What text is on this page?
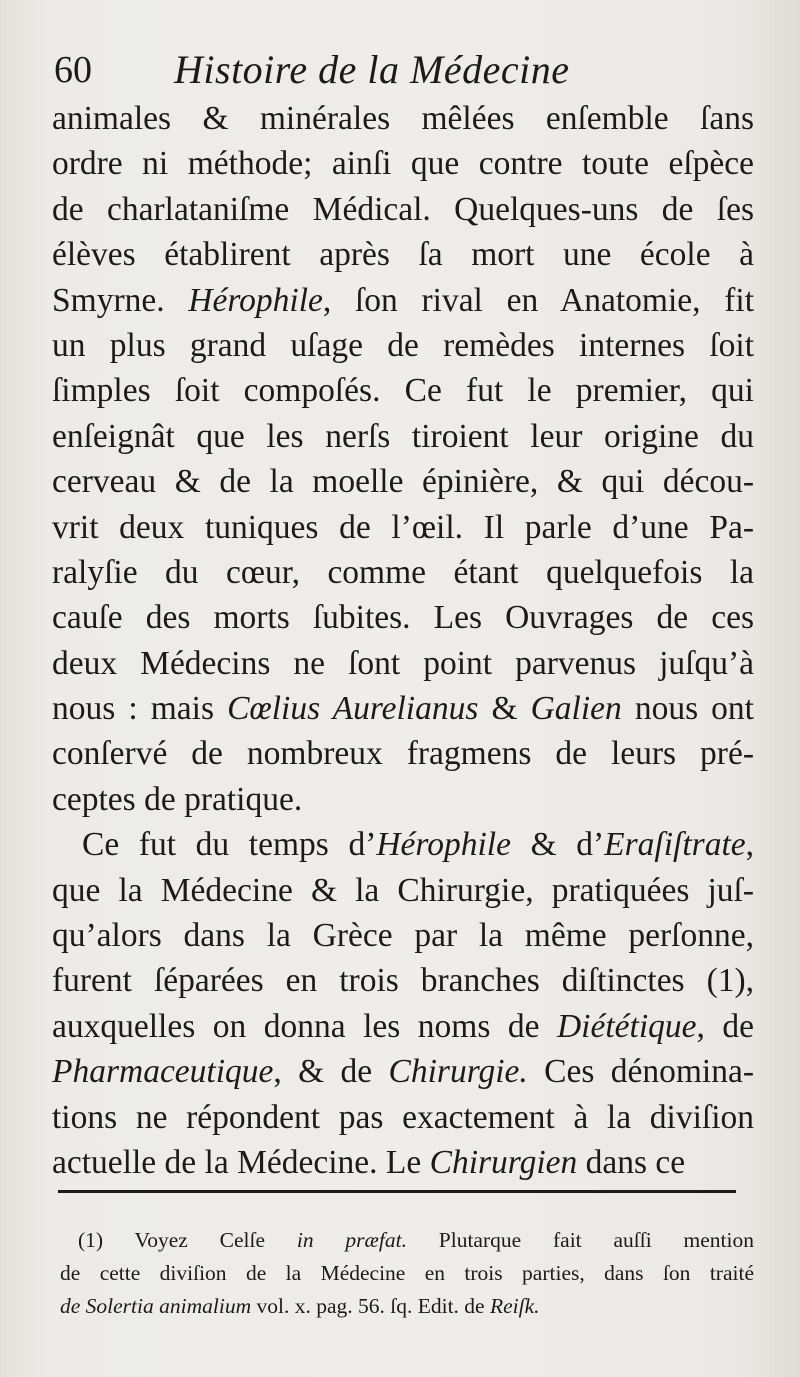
60 Histoire de la Médecine
animales & minérales mêlées enſemble ſans
ordre ni méthode; ainſi que contre toute eſpèce
de charlataniſme Médical. Quelques-uns de ſes
élèves établirent après ſa mort une école à
Smyrne. Hérophile, ſon rival en Anatomie, fit
un plus grand uſage de remèdes internes ſoit
ſimples ſoit compoſés. Ce fut le premier, qui
enſeignât que les nerſs tiroient leur origine du
cerveau & de la moelle épinière, & qui décou-
vrit deux tuniques de l’œil. Il parle d’une Pa-
ralyſie du cœur, comme étant quelquefois la
cauſe des morts ſubites. Les Ouvrages de ces
deux Médecins ne ſont point parvenus juſqu’à
nous : mais Cœlius Aurelianus & Galien nous ont
conſervé de nombreux fragmens de leurs pré-
ceptes de pratique.
Ce fut du temps d’Hérophile & d’Eraſiſtrate,
que la Médecine & la Chirurgie, pratiquées juſ-
qu’alors dans la Grèce par la même perſonne,
furent ſéparées en trois branches diſtinctes (1),
auxquelles on donna les noms de Diététique, de
Pharmaceutique, & de Chirurgie. Ces dénomina-
tions ne répondent pas exactement à la diviſion
actuelle de la Médecine. Le Chirurgien dans ce
(1) Voyez Celſe in præfat. Plutarque fait auſſi mention
de cette diviſion de la Médecine en trois parties, dans ſon traité
de Solertia animalium vol. x. pag. 56. ſq. Edit. de Reiſk.
